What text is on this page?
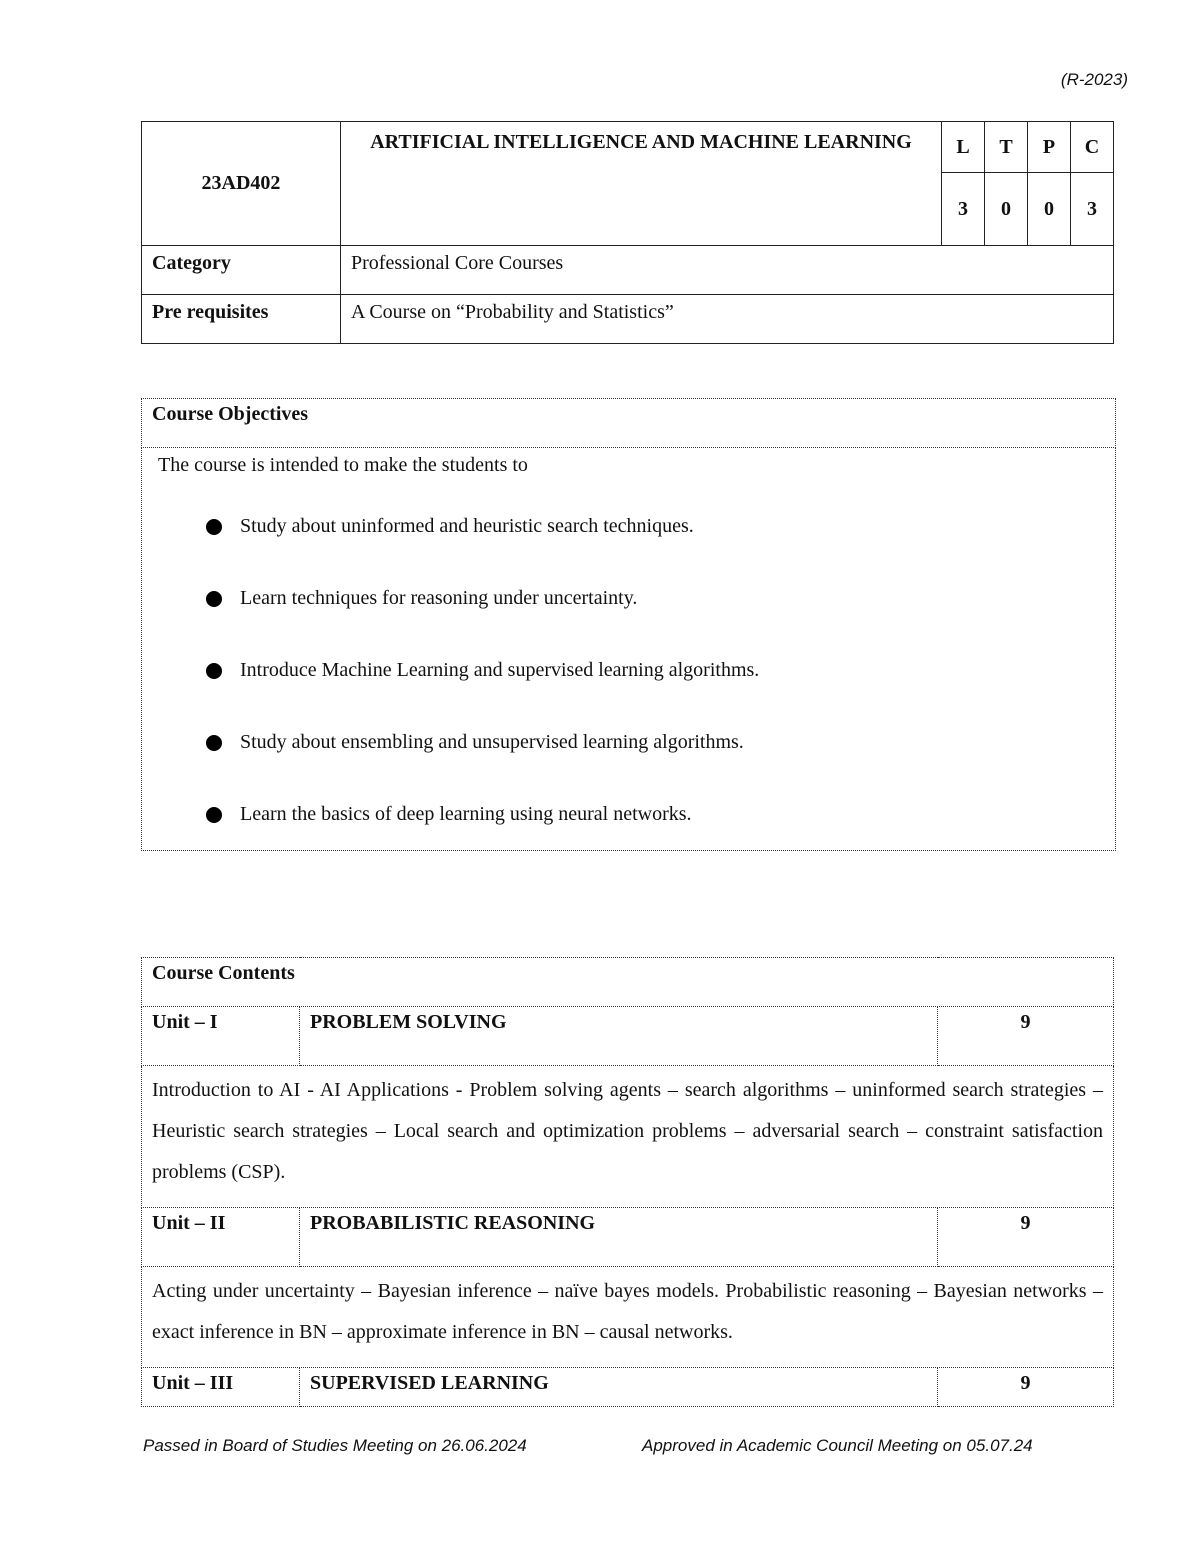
(R-2023)
23AD402	ARTIFICIAL INTELLIGENCE AND MACHINE LEARNING	L	T	P	C
		3	0	0	3
Category	Professional Core Courses				
Pre requisites	A Course on “Probability and Statistics”				
Course Objectives

The course is intended to make the students to
Study about uninformed and heuristic search techniques.
Learn techniques for reasoning under uncertainty.
Introduce Machine Learning and supervised learning algorithms.
Study about ensembling and unsupervised learning algorithms.
Learn the basics of deep learning using neural networks.
Course Contents		
Unit – I	PROBLEM SOLVING	9
Introduction to AI - AI Applications - Problem solving agents – search algorithms – uninformed search strategies – Heuristic search strategies – Local search and optimization problems – adversarial search – constraint satisfaction problems (CSP).		
Unit – II	PROBABILISTIC REASONING	9
Acting under uncertainty – Bayesian inference – naïve bayes models. Probabilistic reasoning – Bayesian networks – exact inference in BN – approximate inference in BN – causal networks.		
Unit – III	SUPERVISED LEARNING	9
Passed in Board of Studies Meeting on 26.06.2024	Approved in Academic Council Meeting on 05.07.24
